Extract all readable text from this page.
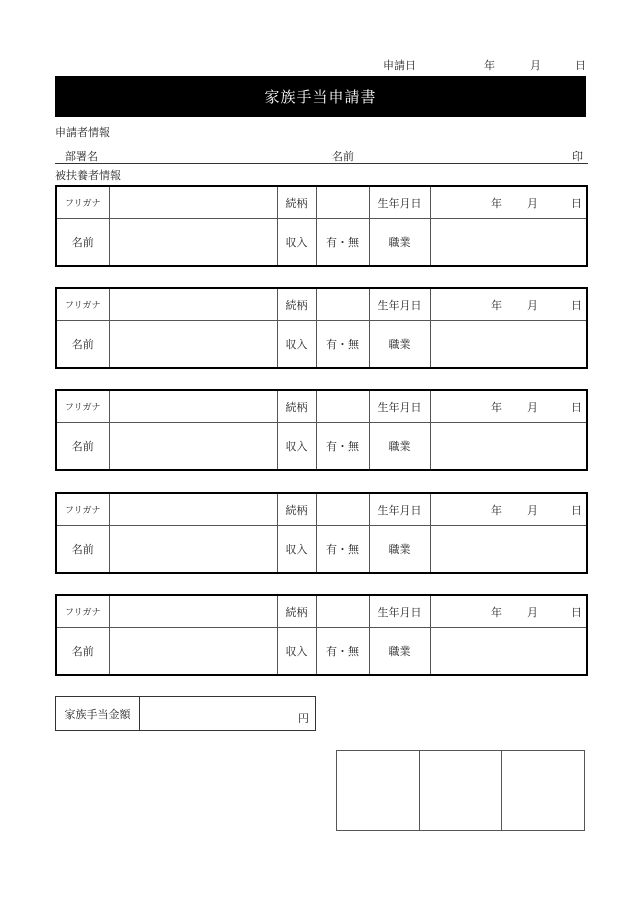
申請日	年	月	日
家族手当申請書
申請者情報
部署名	名前	印
被扶養者情報
フリガナ		続柄		生年月日	年 月 日

名前		収入	有・無	職業	
フリガナ		続柄		生年月日	年 月 日

名前		収入	有・無	職業	
フリガナ		続柄		生年月日	年 月 日

名前		収入	有・無	職業	
フリガナ		続柄		生年月日	年 月 日

名前		収入	有・無	職業	
フリガナ		続柄		生年月日	年 月 日

名前		収入	有・無	職業	
家族手当金額	円
